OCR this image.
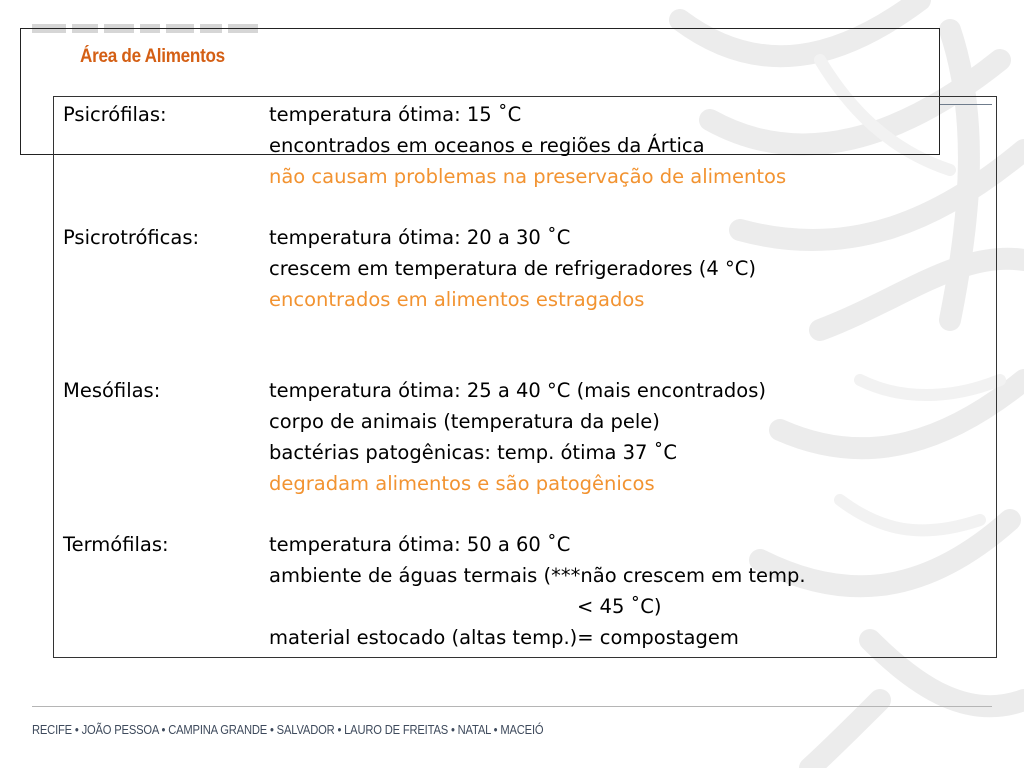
Área de Alimentos
Psicrófilas:	temperatura ótima: 15 ˚C
encontrados em oceanos e regiões da Ártica
não causam problemas na preservação de alimentos
Psicrotróficas:	temperatura ótima: 20 a 30 ˚C
crescem em temperatura de refrigeradores (4 °C)
encontrados em alimentos estragados
Mesófilas:	temperatura ótima: 25 a 40 °C (mais encontrados)
corpo de animais (temperatura da pele)
bactérias patogênicas: temp. ótima 37 ˚C
degradam alimentos e são patogênicos
Termófilas:	temperatura ótima: 50 a 60 ˚C
ambiente de águas termais (***não crescem em temp.
< 45 ˚C)
material estocado (altas temp.)= compostagem
RECIFE • JOÃO PESSOA • CAMPINA GRANDE • SALVADOR • LAURO DE FREITAS • NATAL • MACEIÓ
